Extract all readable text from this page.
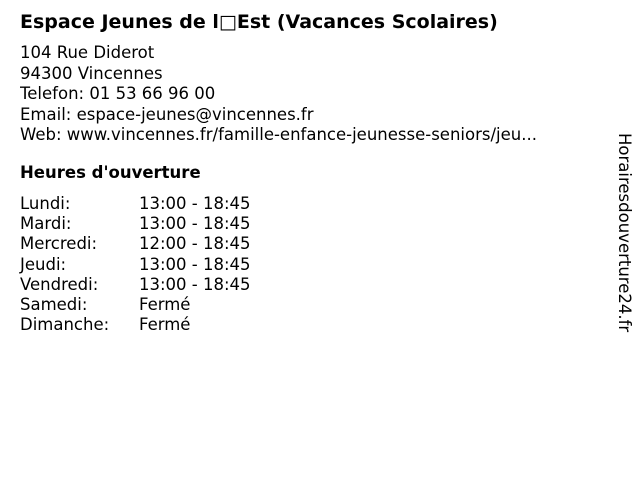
Espace Jeunes de l□Est (Vacances Scolaires)
104 Rue Diderot
94300 Vincennes
Telefon: 01 53 66 96 00
Email: espace-jeunes@vincennes.fr
Web: www.vincennes.fr/famille-enfance-jeunesse-seniors/jeu...
Heures d'ouverture
Lundi:	13:00 - 18:45
Mardi:	13:00 - 18:45
Mercredi:	12:00 - 18:45
Jeudi:	13:00 - 18:45
Vendredi:	13:00 - 18:45
Samedi:	Fermé
Dimanche:	Fermé	Horairesdouverture24.fr
